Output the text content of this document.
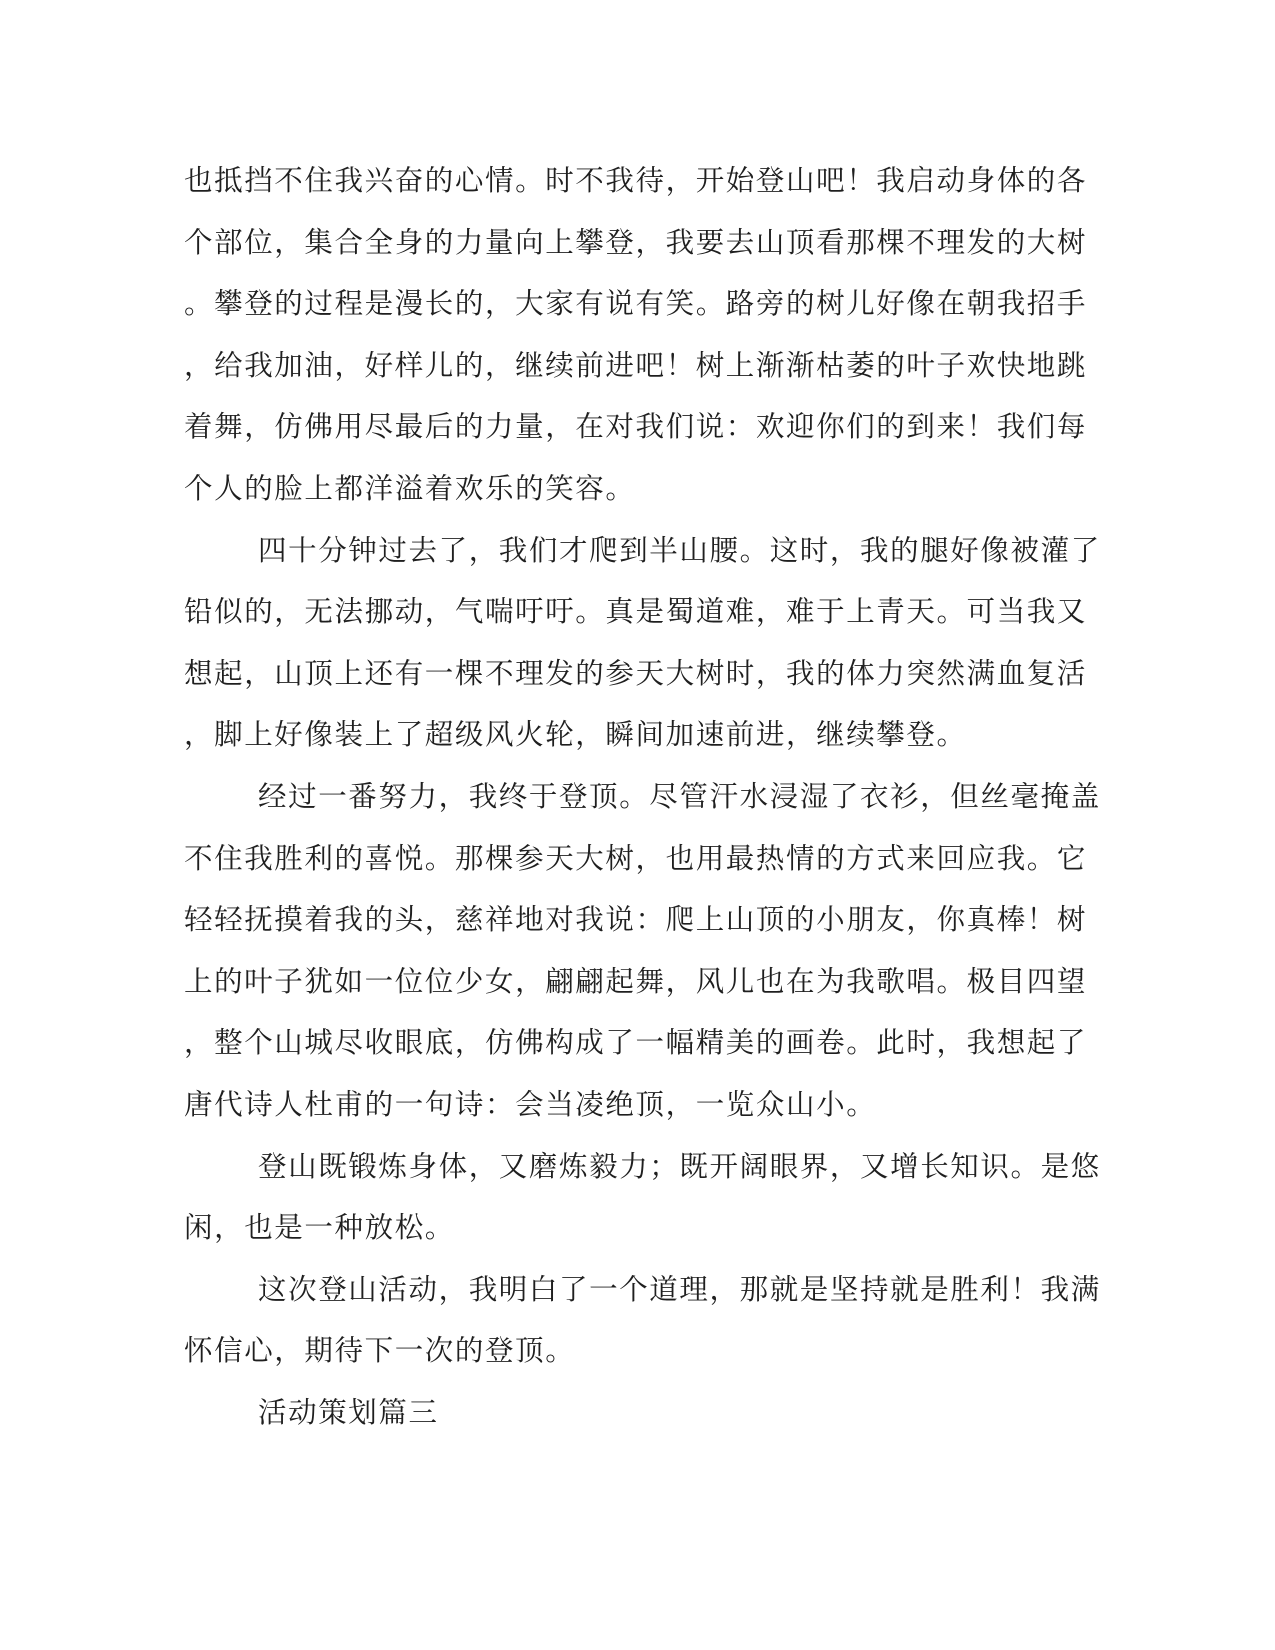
也抵挡不住我兴奋的心情。时不我待，开始登山吧！我启动身体的各
个部位，集合全身的力量向上攀登，我要去山顶看那棵不理发的大树
。攀登的过程是漫长的，大家有说有笑。路旁的树儿好像在朝我招手
，给我加油，好样儿的，继续前进吧！树上渐渐枯萎的叶子欢快地跳
着舞，仿佛用尽最后的力量，在对我们说：欢迎你们的到来！我们每
个人的脸上都洋溢着欢乐的笑容。
四十分钟过去了，我们才爬到半山腰。这时，我的腿好像被灌了
铅似的，无法挪动，气喘吁吁。真是蜀道难，难于上青天。可当我又
想起，山顶上还有一棵不理发的参天大树时，我的体力突然满血复活
，脚上好像装上了超级风火轮，瞬间加速前进，继续攀登。
经过一番努力，我终于登顶。尽管汗水浸湿了衣衫，但丝毫掩盖
不住我胜利的喜悦。那棵参天大树，也用最热情的方式来回应我。它
轻轻抚摸着我的头，慈祥地对我说：爬上山顶的小朋友，你真棒！树
上的叶子犹如一位位少女，翩翩起舞，风儿也在为我歌唱。极目四望
，整个山城尽收眼底，仿佛构成了一幅精美的画卷。此时，我想起了
唐代诗人杜甫的一句诗：会当凌绝顶，一览众山小。
登山既锻炼身体，又磨炼毅力；既开阔眼界，又增长知识。是悠
闲，也是一种放松。
这次登山活动，我明白了一个道理，那就是坚持就是胜利！我满
怀信心，期待下一次的登顶。
活动策划篇三
